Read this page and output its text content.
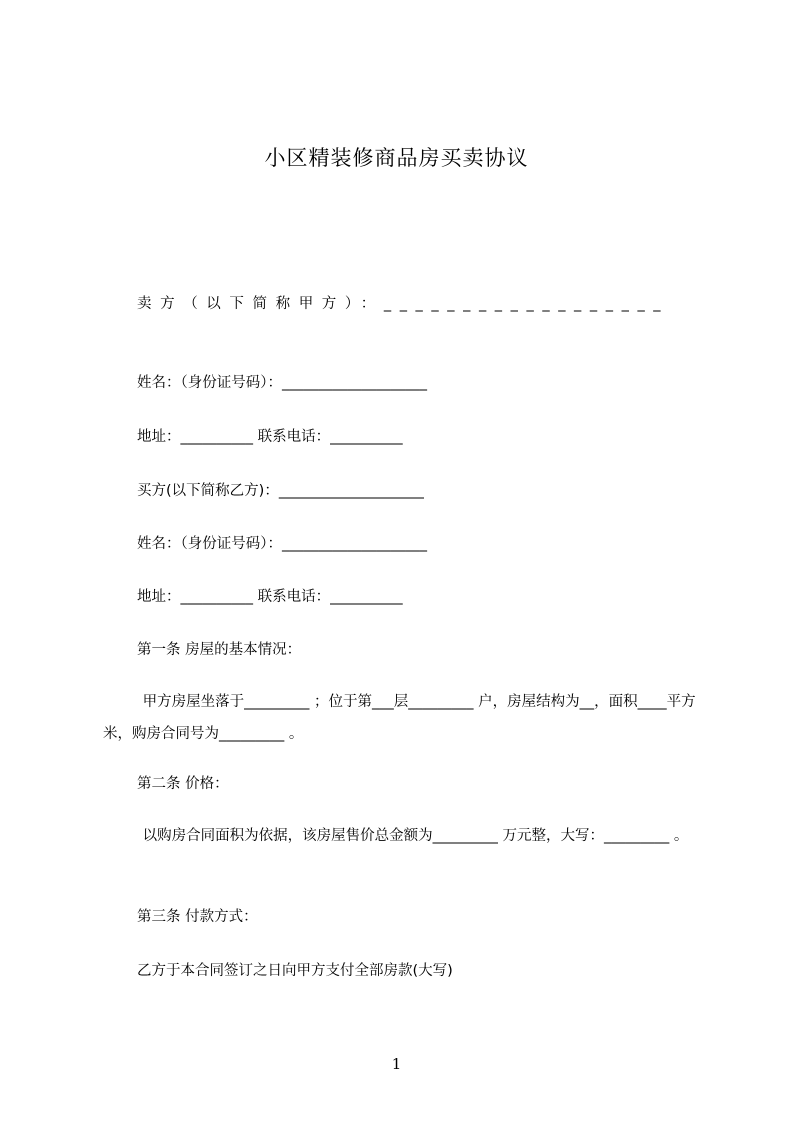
小区精装修商品房买卖协议
卖方（以下简称甲方）：__________________
姓名：（身份证号码）：____________________
地址：__________ 联系电话：__________
买方(以下简称乙方)：____________________
姓名：（身份证号码）：____________________
地址：__________ 联系电话：__________
第一条 房屋的基本情况：
甲方房屋坐落于_________ ；位于第___层_________ 户，房屋结构为__，面积____平方米，购房合同号为_________ 。
第二条 价格：
以购房合同面积为依据，该房屋售价总金额为_________ 万元整，大写：_________ 。
第三条 付款方式：
乙方于本合同签订之日向甲方支付全部房款(大写)
1
